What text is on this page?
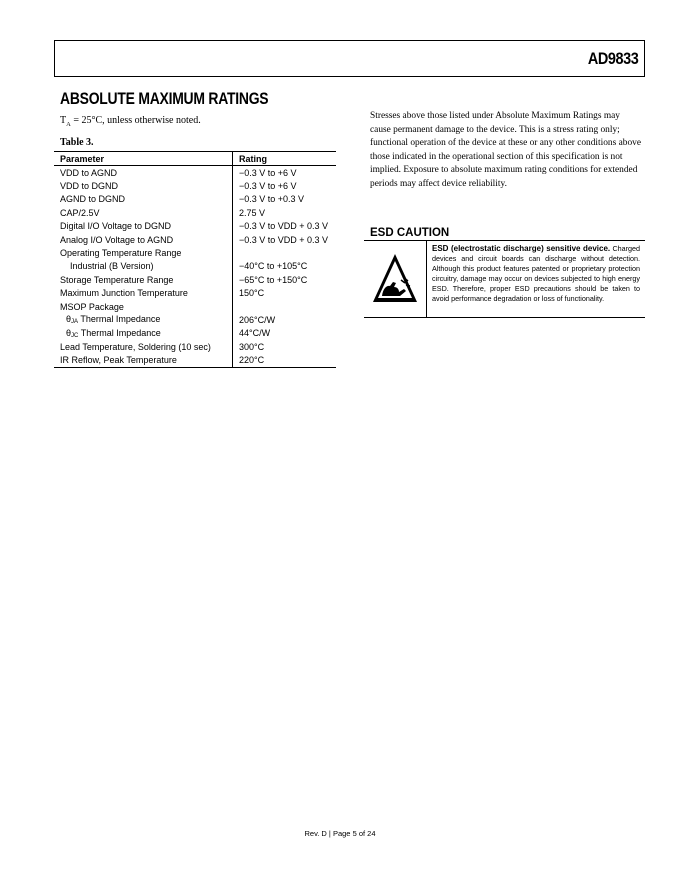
AD9833
ABSOLUTE MAXIMUM RATINGS
$T_A = 25^\circ C$, unless otherwise noted.
Table 3.
Parameter	Rating
VDD to AGND	−0.3 V to +6 V
VDD to DGND	−0.3 V to +6 V
AGND to DGND	−0.3 V to +0.3 V
CAP/2.5V	2.75 V
Digital I/O Voltage to DGND	−0.3 V to VDD + 0.3 V
Analog I/O Voltage to AGND	−0.3 V to VDD + 0.3 V
Operating Temperature Range	
Industrial (B Version)	−40°C to +105°C
Storage Temperature Range	−65°C to +150°C
Maximum Junction Temperature	150°C
MSOP Package	
θJA Thermal Impedance	206°C/W
θJC Thermal Impedance	44°C/W
Lead Temperature, Soldering (10 sec)	300°C
IR Reflow, Peak Temperature	220°C
Stresses above those listed under Absolute Maximum Ratings may cause permanent damage to the device. This is a stress rating only; functional operation of the device at these or any other conditions above those indicated in the operational section of this specification is not implied. Exposure to absolute maximum rating conditions for extended periods may affect device reliability.
ESD CAUTION
ESD (electrostatic discharge) sensitive device. Charged devices and circuit boards can discharge without detection. Although this product features patented or proprietary protection circuitry, damage may occur on devices subjected to high energy ESD. Therefore, proper ESD precautions should be taken to avoid performance degradation or loss of functionality.
Rev. D | Page 5 of 24
